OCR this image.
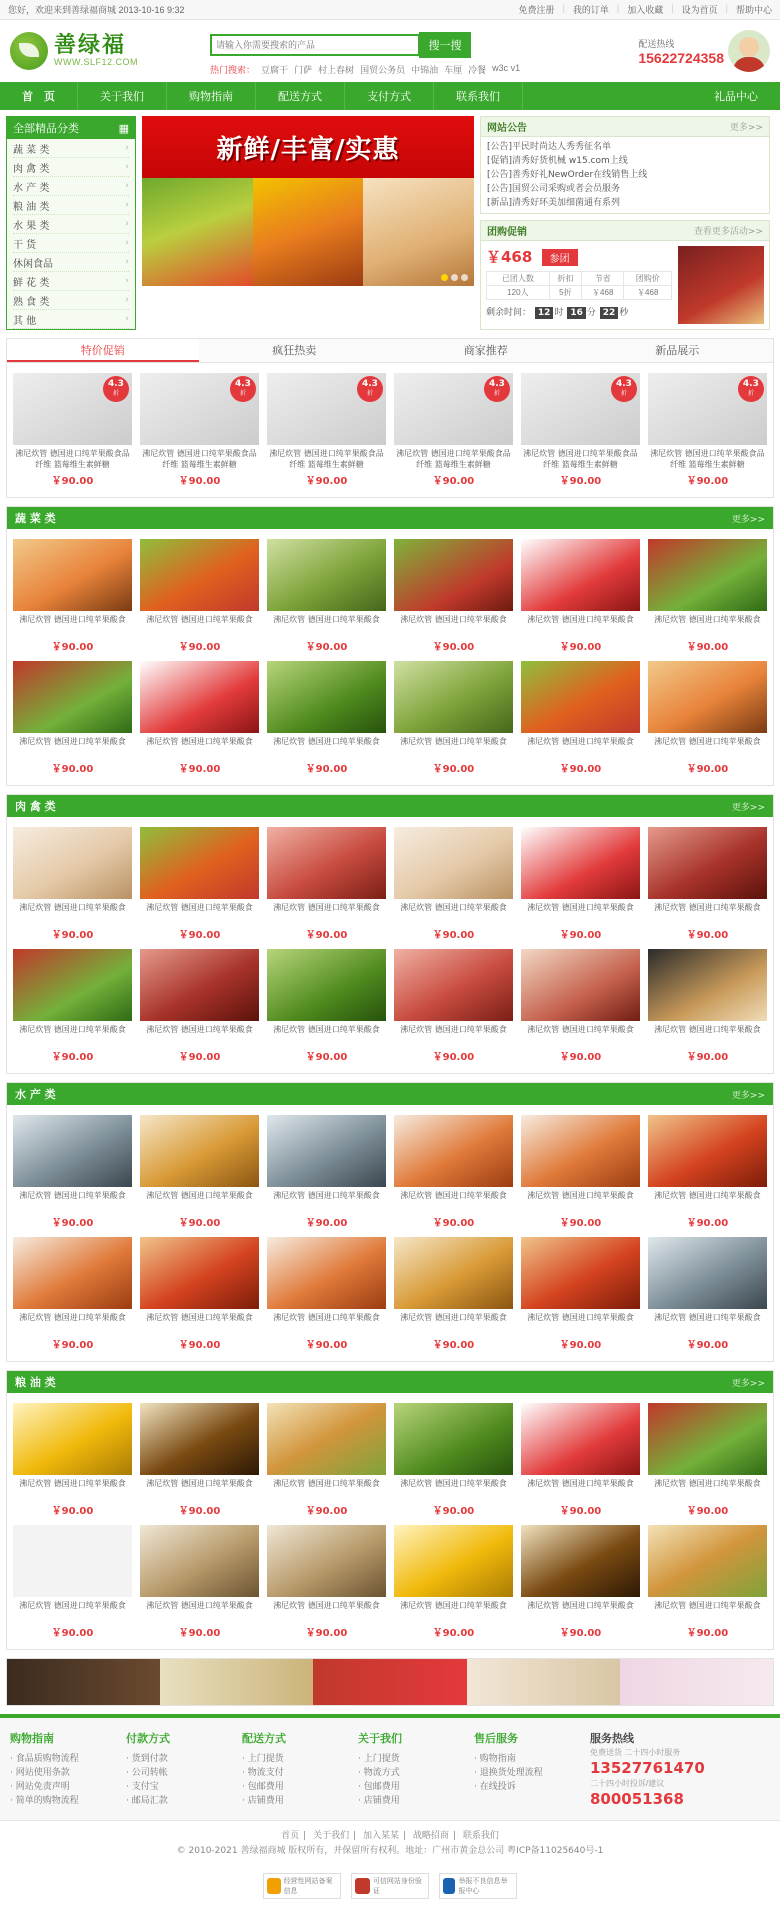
您好，欢迎来到善绿福商城 2013-10-16 9:32	免费注册 | 我的订单 | 加入收藏 | 设为首页 | 帮助中心
善绿福
WWW.SLF12.COM
请输入你需要搜索的产品
搜一搜
热门搜索： 豆腐干 门萨 村上春树 国贸公务员 中锦油 车厘 冷餐 w3c v1
配送热线
15622724358
首　页	关于我们	购物指南	配送方式	支付方式	联系我们	礼品中心
全部精品分类	▦
蔬 菜 类	›
肉 禽 类	›
水 产 类	›
粮 油 类	›
水 果 类	›
干 货	›
休闲食品	›
鲜 花 类	›
熟 食 类	›
其 他	›
新鲜/丰富/实惠
网站公告	更多>>
[公告]平民时尚达人秀秀征名单
[促销]清秀好货机械 w15.com上线
[公告]善秀好礼NewOrder在线销售上线
[公告]国贸公司采购或者会员服务
[新品]清秀好环美加细菌通有系列
团购促销	查看更多活动>>
￥468 参团
已团人数	折扣	节省	团购价
120人	5折	￥468	￥468
剩余时间： 12 时 16 分 22 秒
特价促销	疯狂热卖	商家推荐	新品展示
4.3
折
沸尼炊管 德国进口纯苹果酸食品纤维 篮莓维生素鲜糖
￥90.00
4.3
折
沸尼炊管 德国进口纯苹果酸食品纤维 篮莓维生素鲜糖
￥90.00
4.3
折
沸尼炊管 德国进口纯苹果酸食品纤维 篮莓维生素鲜糖
￥90.00
4.3
折
沸尼炊管 德国进口纯苹果酸食品纤维 篮莓维生素鲜糖
￥90.00
4.3
折
沸尼炊管 德国进口纯苹果酸食品纤维 篮莓维生素鲜糖
￥90.00
4.3
折
沸尼炊管 德国进口纯苹果酸食品纤维 篮莓维生素鲜糖
￥90.00
蔬 菜 类	更多>>
沸尼炊管 德国进口纯苹果酸食
￥90.00
沸尼炊管 德国进口纯苹果酸食
￥90.00
沸尼炊管 德国进口纯苹果酸食
￥90.00
沸尼炊管 德国进口纯苹果酸食
￥90.00
沸尼炊管 德国进口纯苹果酸食
￥90.00
沸尼炊管 德国进口纯苹果酸食
￥90.00
沸尼炊管 德国进口纯苹果酸食
￥90.00
沸尼炊管 德国进口纯苹果酸食
￥90.00
沸尼炊管 德国进口纯苹果酸食
￥90.00
沸尼炊管 德国进口纯苹果酸食
￥90.00
沸尼炊管 德国进口纯苹果酸食
￥90.00
沸尼炊管 德国进口纯苹果酸食
￥90.00
肉 禽 类	更多>>
沸尼炊管 德国进口纯苹果酸食
￥90.00
沸尼炊管 德国进口纯苹果酸食
￥90.00
沸尼炊管 德国进口纯苹果酸食
￥90.00
沸尼炊管 德国进口纯苹果酸食
￥90.00
沸尼炊管 德国进口纯苹果酸食
￥90.00
沸尼炊管 德国进口纯苹果酸食
￥90.00
沸尼炊管 德国进口纯苹果酸食
￥90.00
沸尼炊管 德国进口纯苹果酸食
￥90.00
沸尼炊管 德国进口纯苹果酸食
￥90.00
沸尼炊管 德国进口纯苹果酸食
￥90.00
沸尼炊管 德国进口纯苹果酸食
￥90.00
沸尼炊管 德国进口纯苹果酸食
￥90.00
水 产 类	更多>>
沸尼炊管 德国进口纯苹果酸食
￥90.00
沸尼炊管 德国进口纯苹果酸食
￥90.00
沸尼炊管 德国进口纯苹果酸食
￥90.00
沸尼炊管 德国进口纯苹果酸食
￥90.00
沸尼炊管 德国进口纯苹果酸食
￥90.00
沸尼炊管 德国进口纯苹果酸食
￥90.00
沸尼炊管 德国进口纯苹果酸食
￥90.00
沸尼炊管 德国进口纯苹果酸食
￥90.00
沸尼炊管 德国进口纯苹果酸食
￥90.00
沸尼炊管 德国进口纯苹果酸食
￥90.00
沸尼炊管 德国进口纯苹果酸食
￥90.00
沸尼炊管 德国进口纯苹果酸食
￥90.00
粮 油 类	更多>>
沸尼炊管 德国进口纯苹果酸食
￥90.00
沸尼炊管 德国进口纯苹果酸食
￥90.00
沸尼炊管 德国进口纯苹果酸食
￥90.00
沸尼炊管 德国进口纯苹果酸食
￥90.00
沸尼炊管 德国进口纯苹果酸食
￥90.00
沸尼炊管 德国进口纯苹果酸食
￥90.00
沸尼炊管 德国进口纯苹果酸食
￥90.00
沸尼炊管 德国进口纯苹果酸食
￥90.00
沸尼炊管 德国进口纯苹果酸食
￥90.00
沸尼炊管 德国进口纯苹果酸食
￥90.00
沸尼炊管 德国进口纯苹果酸食
￥90.00
沸尼炊管 德国进口纯苹果酸食
￥90.00
购物指南
· 食品质购物流程
· 网站使用条款
· 网站免责声明
· 简单的购物流程
付款方式
· 货到付款
· 公司转帐
· 支付宝
· 邮局汇款
配送方式
· 上门提货
· 物流支付
· 包邮费用
· 店铺费用
关于我们
· 上门提货
· 物流方式
· 包邮费用
· 店铺费用
售后服务
· 购物指南
· 退换货处理流程
· 在线投诉
服务热线
免费送货 二十四小时服务
13527761470
二十四小时投诉/建议
800051368
首页 | 关于我们 | 加入某某 | 战略招商 | 联系我们
© 2010-2021 善绿福商城 版权所有，并保留所有权利。地址：广州市黄金总公司 粤ICP备11025640号-1
经营性网站备案信息
可信网站身份验证
举报不良信息举报中心
